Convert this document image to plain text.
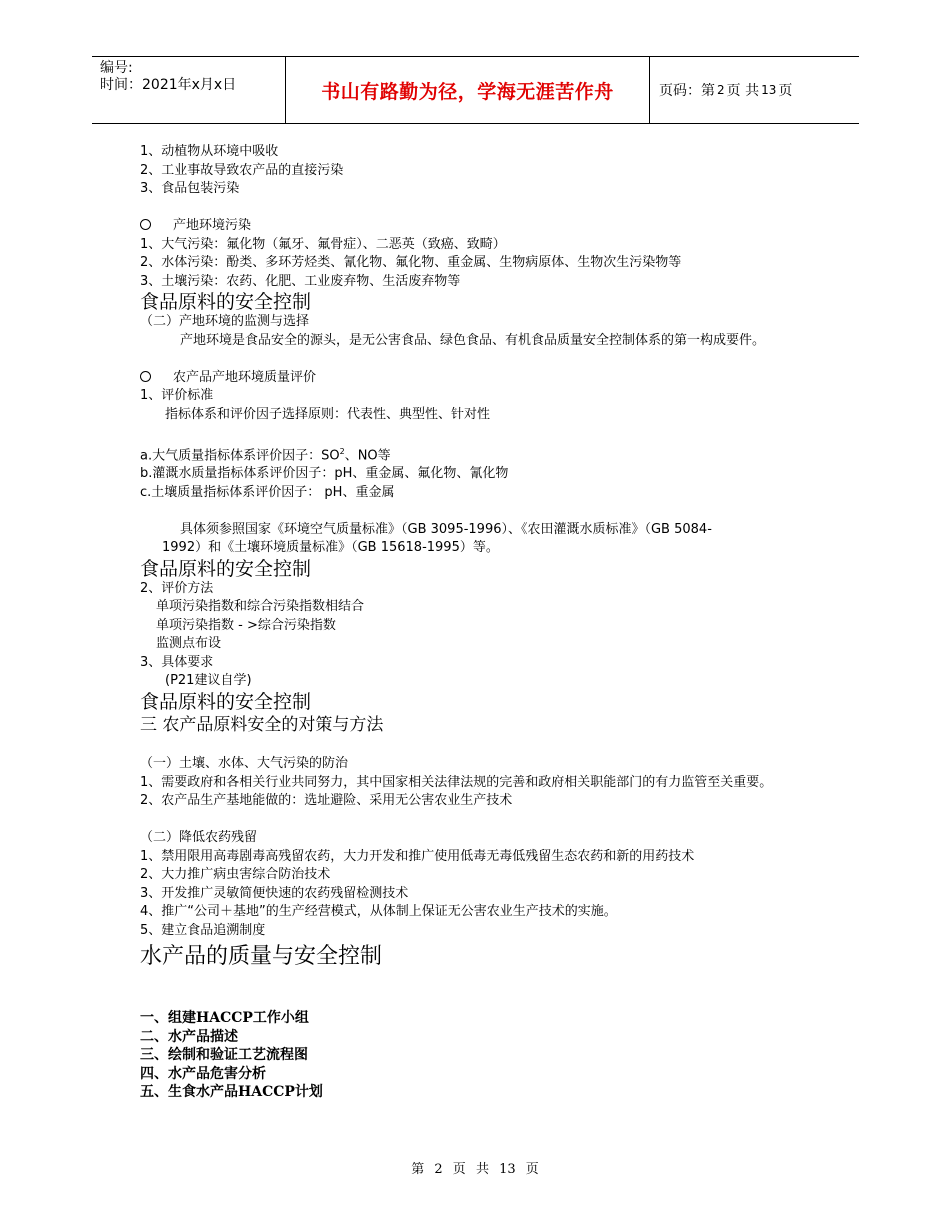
编号:
时间：2021年x月x日	书山有路勤为径，学海无涯苦作舟	页码：第 2 页 共 13 页
1、动植物从环境中吸收
2、工业事故导致农产品的直接污染
3、食品包装污染
产地环境污染
1、大气污染：氟化物（氟牙、氟骨症）、二恶英（致癌、致畸）
2、水体污染：酚类、多环芳烃类、氰化物、氟化物、重金属、生物病原体、生物次生污染物等
3、土壤污染：农药、化肥、工业废弃物、生活废弃物等
食品原料的安全控制
（二）产地环境的监测与选择
产地环境是食品安全的源头，是无公害食品、绿色食品、有机食品质量安全控制体系的第一构成要件。
农产品产地环境质量评价
1、评价标准
指标体系和评价因子选择原则：代表性、典型性、针对性
a.大气质量指标体系评价因子：$SO^2$、NO等
b.灌溉水质量指标体系评价因子：pH、重金属、氟化物、氰化物
c.土壤质量指标体系评价因子： pH、重金属
具体须参照国家《环境空气质量标准》（GB 3095-1996）、《农田灌溉水质标准》（GB 5084-
1992）和《土壤环境质量标准》（GB 15618-1995）等。
食品原料的安全控制
2、评价方法
单项污染指数和综合污染指数相结合
单项污染指数 - >综合污染指数
监测点布设
3、具体要求
(P21建议自学)
食品原料的安全控制
三 农产品原料安全的对策与方法
（一）土壤、水体、大气污染的防治
1、需要政府和各相关行业共同努力，其中国家相关法律法规的完善和政府相关职能部门的有力监管至关重要。
2、农产品生产基地能做的：选址避险、采用无公害农业生产技术
（二）降低农药残留
1、禁用限用高毒剧毒高残留农药，大力开发和推广使用低毒无毒低残留生态农药和新的用药技术
2、大力推广病虫害综合防治技术
3、开发推广灵敏简便快速的农药残留检测技术
4、推广“公司＋基地”的生产经营模式，从体制上保证无公害农业生产技术的实施。
5、建立食品追溯制度
水产品的质量与安全控制
一、组建HACCP工作小组
二、水产品描述
三、绘制和验证工艺流程图
四、水产品危害分析
五、生食水产品HACCP计划
第 2 页 共 13 页
